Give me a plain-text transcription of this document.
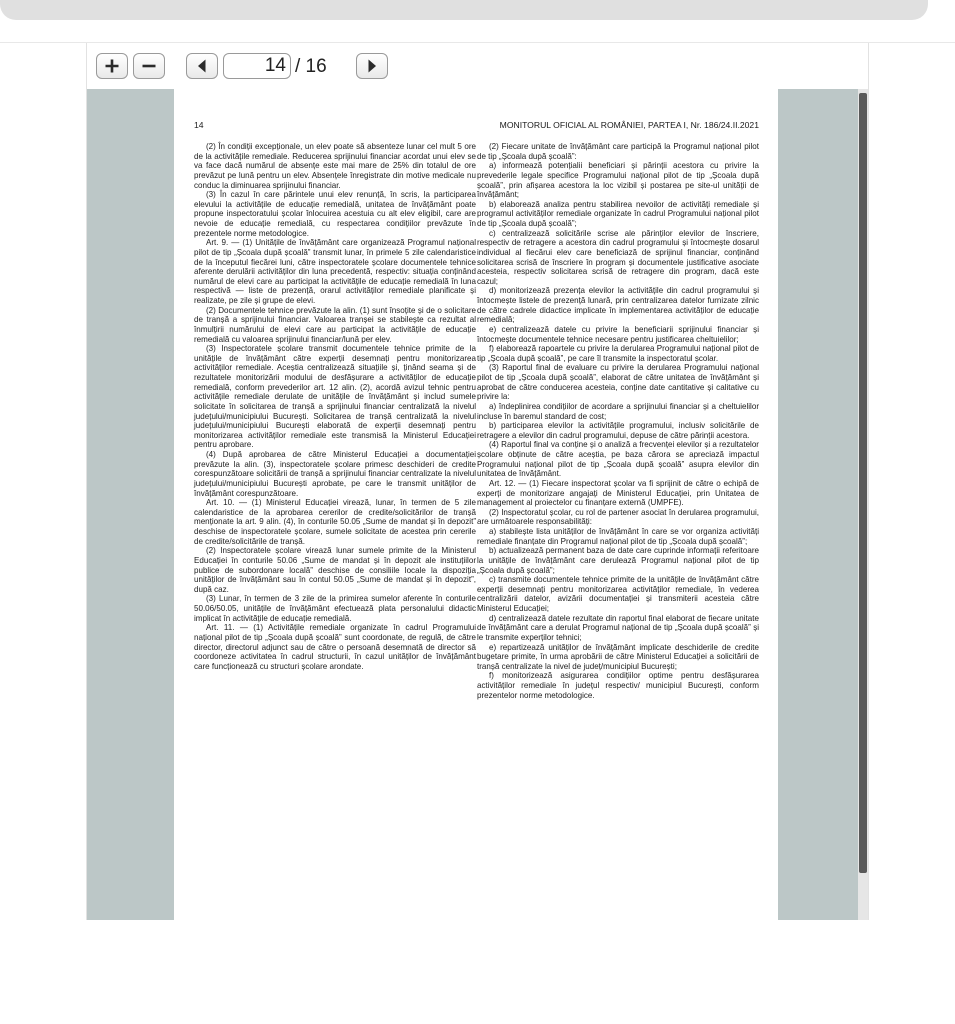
14 / 16
14	MONITORUL OFICIAL AL ROMÂNIEI, PARTEA I, Nr. 186/24.II.2021

(2) În condiții excepționale, un elev poate să absenteze lunar cel mult 5 ore de la activitățile remediale. Reducerea sprijinului financiar acordat unui elev se va face dacă numărul de absențe este mai mare de 25% din totalul de ore prevăzut pe lună pentru un elev. Absențele înregistrate din motive medicale nu conduc la diminuarea sprijinului financiar.

(3) În cazul în care părintele unui elev renunță, în scris, la participarea elevului la activitățile de educație remedială, unitatea de învățământ poate propune inspectoratului școlar înlocuirea acestuia cu alt elev eligibil, care are nevoie de educație remedială, cu respectarea condițiilor prevăzute în prezentele norme metodologice.

Art. 9. — (1) Unitățile de învățământ care organizează Programul național pilot de tip „Școala după școală” transmit lunar, în primele 5 zile calendaristice de la începutul fiecărei luni, către inspectoratele școlare documentele tehnice aferente derulării activităților din luna precedentă, respectiv: situația conținând numărul de elevi care au participat la activitățile de educație remedială în luna respectivă — liste de prezență, orarul activităților remediale planificate și realizate, pe zile și grupe de elevi.

(2) Documentele tehnice prevăzute la alin. (1) sunt însoțite și de o solicitare de tranșă a sprijinului financiar. Valoarea tranșei se stabilește ca rezultat al înmulțirii numărului de elevi care au participat la activitățile de educație remedială cu valoarea sprijinului financiar/lună per elev.

(3) Inspectoratele școlare transmit documentele tehnice primite de la unitățile de învățământ către experții desemnați pentru monitorizarea activităților remediale. Aceștia centralizează situațiile și, ținând seama și de rezultatele monitorizării modului de desfășurare a activităților de educație remedială, conform prevederilor art. 12 alin. (2), acordă avizul tehnic pentru activitățile remediale derulate de unitățile de învățământ și includ sumele solicitate în solicitarea de tranșă a sprijinului financiar centralizată la nivelul județului/municipiului București. Solicitarea de tranșă centralizată la nivelul județului/municipiului București elaborată de experții desemnați pentru monitorizarea activităților remediale este transmisă la Ministerul Educației pentru aprobare.

(4) După aprobarea de către Ministerul Educației a documentației prevăzute la alin. (3), inspectoratele școlare primesc deschideri de credite corespunzătoare solicitării de tranșă a sprijinului financiar centralizate la nivelul județului/municipiului București aprobate, pe care le transmit unităților de învățământ corespunzătoare.

Art. 10. — (1) Ministerul Educației virează, lunar, în termen de 5 zile calendaristice de la aprobarea cererilor de credite/solicitărilor de tranșă menționate la art. 9 alin. (4), în conturile 50.05 „Sume de mandat și în depozit” deschise de inspectoratele școlare, sumele solicitate de acestea prin cererile de credite/solicitările de tranșă.

(2) Inspectoratele școlare virează lunar sumele primite de la Ministerul Educației în conturile 50.06 „Sume de mandat și în depozit ale instituțiilor publice de subordonare locală” deschise de consiliile locale la dispoziția unităților de învățământ sau în contul 50.05 „Sume de mandat și în depozit”, după caz.

(3) Lunar, în termen de 3 zile de la primirea sumelor aferente în conturile 50.06/50.05, unitățile de învățământ efectuează plata personalului didactic implicat în activitățile de educație remedială.

Art. 11. — (1) Activitățile remediale organizate în cadrul Programului național pilot de tip „Școala după școală” sunt coordonate, de regulă, de către director, directorul adjunct sau de către o persoană desemnată de director să coordoneze activitatea în cadrul structurii, în cazul unităților de învățământ care funcționează cu structuri școlare arondate.

(2) Fiecare unitate de învățământ care participă la Programul național pilot de tip „Școala după școală”:

a) informează potențialii beneficiari și părinții acestora cu privire la prevederile legale specifice Programului național pilot de tip „Școala după școală”, prin afișarea acestora la loc vizibil și postarea pe site-ul unității de învățământ;

b) elaborează analiza pentru stabilirea nevoilor de activități remediale și programul activităților remediale organizate în cadrul Programului național pilot de tip „Școala după școală”;

c) centralizează solicitările scrise ale părinților elevilor de înscriere, respectiv de retragere a acestora din cadrul programului și întocmește dosarul individual al fiecărui elev care beneficiază de sprijinul financiar, conținând solicitarea scrisă de înscriere în program și documentele justificative asociate acesteia, respectiv solicitarea scrisă de retragere din program, dacă este cazul;

d) monitorizează prezența elevilor la activitățile din cadrul programului și întocmește listele de prezență lunară, prin centralizarea datelor furnizate zilnic de către cadrele didactice implicate în implementarea activităților de educație remedială;

e) centralizează datele cu privire la beneficiarii sprijinului financiar și întocmește documentele tehnice necesare pentru justificarea cheltuielilor;

f) elaborează rapoartele cu privire la derularea Programului național pilot de tip „Școala după școală”, pe care îl transmite la inspectoratul școlar.

(3) Raportul final de evaluare cu privire la derularea Programului național pilot de tip „Școala după școală”, elaborat de către unitatea de învățământ și aprobat de către conducerea acesteia, conține date cantitative și calitative cu privire la:

a) îndeplinirea condițiilor de acordare a sprijinului financiar și a cheltuielilor incluse în baremul standard de cost;

b) participarea elevilor la activitățile programului, inclusiv solicitările de retragere a elevilor din cadrul programului, depuse de către părinții acestora.

(4) Raportul final va conține și o analiză a frecvenței elevilor și a rezultatelor școlare obținute de către aceștia, pe baza cărora se apreciază impactul Programului național pilot de tip „Școala după școală” asupra elevilor din unitatea de învățământ.

Art. 12. — (1) Fiecare inspectorat școlar va fi sprijinit de către o echipă de experți de monitorizare angajați de Ministerul Educației, prin Unitatea de management al proiectelor cu finanțare externă (UMPFE).

(2) Inspectoratul școlar, cu rol de partener asociat în derularea programului, are următoarele responsabilități:

a) stabilește lista unităților de învățământ în care se vor organiza activități remediale finanțate din Programul național pilot de tip „Școala după școală”;

b) actualizează permanent baza de date care cuprinde informații referitoare la unitățile de învățământ care derulează Programul național pilot de tip „Școala după școală”;

c) transmite documentele tehnice primite de la unitățile de învățământ către experții desemnați pentru monitorizarea activităților remediale, în vederea centralizării datelor, avizării documentației și transmiterii acesteia către Ministerul Educației;

d) centralizează datele rezultate din raportul final elaborat de fiecare unitate de învățământ care a derulat Programul național de tip „Școala după școală” și le transmite experților tehnici;

e) repartizează unităților de învățământ implicate deschiderile de credite bugetare primite, în urma aprobării de către Ministerul Educației a solicitării de tranșă centralizate la nivel de județ/municipiul București;

f) monitorizează asigurarea condițiilor optime pentru desfășurarea activităților remediale în județul respectiv/ municipiul București, conform prezentelor norme metodologice.
